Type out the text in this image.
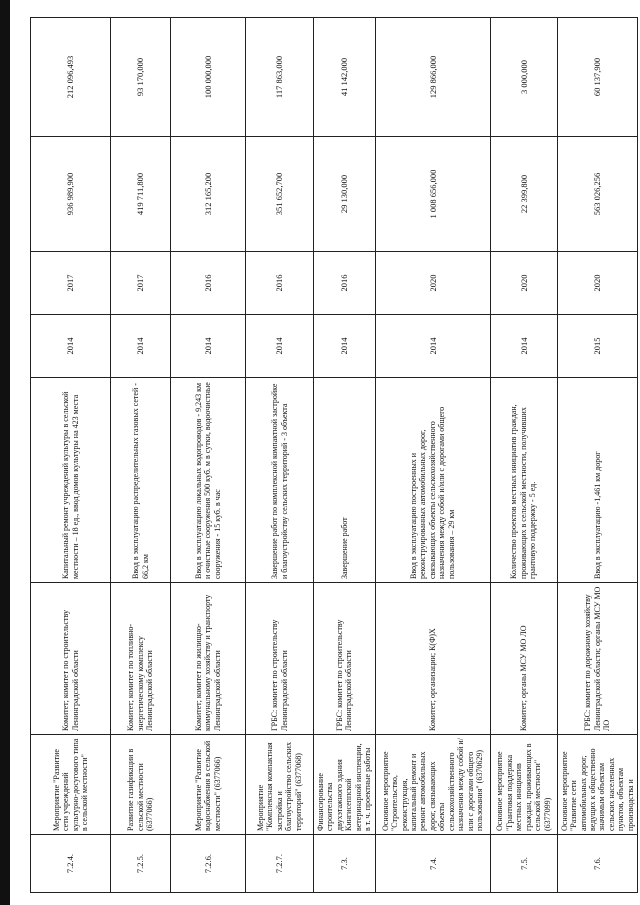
7.2.4.	Мероприятие "Развитие сети учреждений культурно-досугового типа в сельской местности"	Комитет; комитет по строительству Ленинградской области	Капитальный ремонт учреждений культуры в сельской местности – 18 ед., ввод домов культуры на 423 места	2014	2017	936 989,900	212 096,493
7.2.5.	Развитие газификации в сельской местности (6377066)	Комитет; комитет по топливно-энергетическому комплексу Ленинградской области	Ввод в эксплуатацию распределительных газовых сетей - 66,2 км	2014	2017	419 711,800	93 170,000
7.2.6.	Мероприятие "Развитие водоснабжения в сельской местности" (6377066)	Комитет; комитет по жилищно-коммунальному хозяйству и транспорту Ленинградской области	Ввод в эксплуатацию локальных водопроводов - 9,243 км и очистные сооружения 500 куб. м в сутки, водоочистные сооружения - 15 куб. в час	2014	2016	312 165,200	100 000,000
7.2.7.	Мероприятие "Комплексная компактная застройка и благоустройство сельских территорий" (6377068)	ГРБС: комитет по строительству Ленинградской области	Завершение работ по комплексной компактной застройке и благоустройству сельских территорий - 3 объекта	2014	2016	351 652,700	117 863,000
7.3.	Финансирование строительства двухэтажного здания Кингисеппской ветеринарной инспекции, в т. ч. проектные работы	ГРБС: комитет по строительству Ленинградской области	Завершение работ	2014	2016	29 130,000	41 142,000
7.4.	Основное мероприятие "Строительство, реконструкция, капитальный ремонт и ремонт автомобильных дорог, связывающих объекты сельскохозяйственного назначения между собой и/или с дорогами общего пользования" (6370629)	Комитет; организации; К(Ф)Х	Ввод в эксплуатацию построенных и реконструированных автомобильных дорог, связывающих объекты сельскохозяйственного назначения между собой и/или с дорогами общего пользования – 29 км	2014	2020	1 008 656,000	129 866,000
7.5.	Основное мероприятие "Грантовая поддержка местных инициатив граждан, проживающих в сельской местности" (6377099)	Комитет; органы МСУ МО ЛО	Количество проектов местных инициатив граждан, проживающих в сельской местности, получивших грантовую поддержку - 5 ед.	2014	2020	22 399,800	3 000,000
7.6.	Основное мероприятие "Развитие сети автомобильных дорог, ведущих к общественно значимым объектам сельских населенных пунктов, объектам производства и	ГРБС: комитет по дорожному хозяйству Ленинградской области; органы МСУ МО ЛО	Ввод в эксплуатацию -1,461 км дорог	2015	2020	563 026,256	60 137,900
